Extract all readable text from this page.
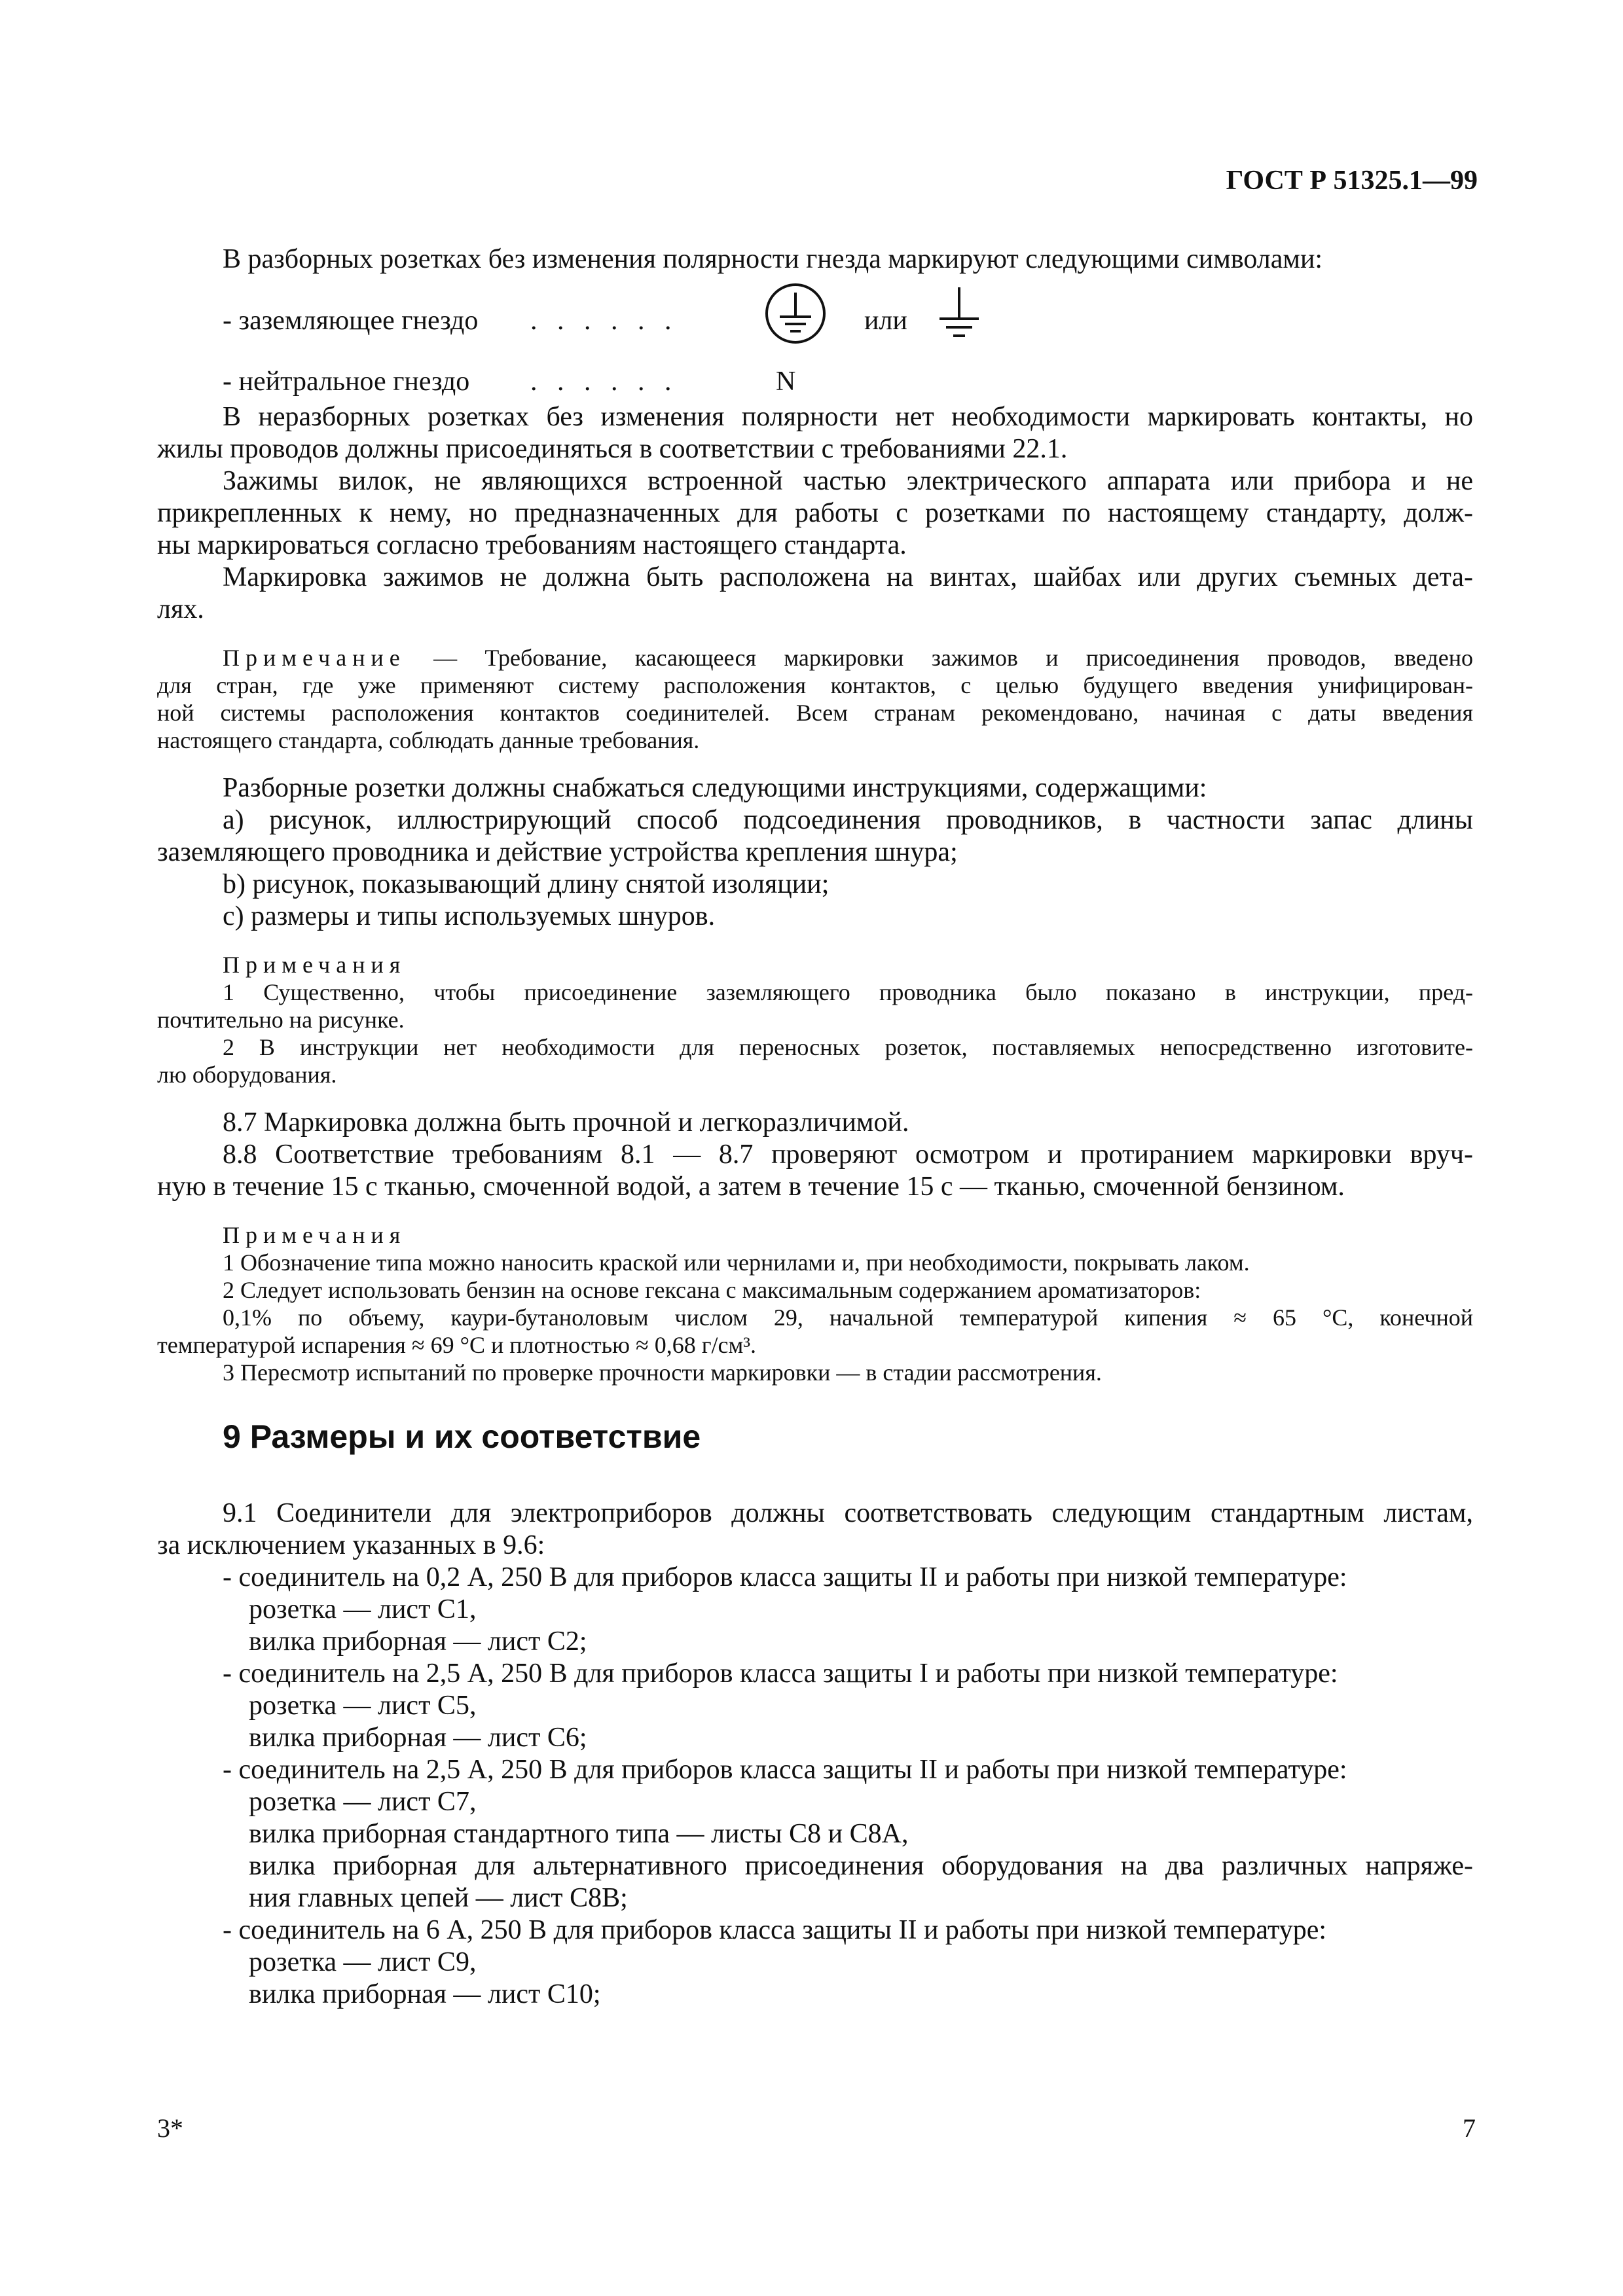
ГОСТ Р 51325.1—99

В разборных розетках без изменения полярности гнезда маркируют следующими символами:

- заземляющее гнездо . . . . . .	или
- нейтральное гнездо . . . . . .	N

В неразборных розетках без изменения полярности нет необходимости маркировать контакты, но

жилы проводов должны присоединяться в соответствии с требованиями 22.1.

Зажимы вилок, не являющихся встроенной частью электрического аппарата или прибора и не

прикрепленных к нему, но предназначенных для работы с розетками по настоящему стандарту, долж-

ны маркироваться согласно требованиям настоящего стандарта.

Маркировка зажимов не должна быть расположена на винтах, шайбах или других съемных дета-

лях.

Примечание — Требование, касающееся маркировки зажимов и присоединения проводов, введено

для стран, где уже применяют систему расположения контактов, с целью будущего введения унифицирован-

ной системы расположения контактов соединителей. Всем странам рекомендовано, начиная с даты введения

настоящего стандарта, соблюдать данные требования.

Разборные розетки должны снабжаться следующими инструкциями, содержащими:

а) рисунок, иллюстрирующий способ подсоединения проводников, в частности запас длины

заземляющего проводника и действие устройства крепления шнура;

b) рисунок, показывающий длину снятой изоляции;

с) размеры и типы используемых шнуров.

Примечания

1 Существенно, чтобы присоединение заземляющего проводника было показано в инструкции, пред-

почтительно на рисунке.

2 В инструкции нет необходимости для переносных розеток, поставляемых непосредственно изготовите-

лю оборудования.

8.7 Маркировка должна быть прочной и легкоразличимой.

8.8 Соответствие требованиям 8.1 — 8.7 проверяют осмотром и протиранием маркировки вруч-

ную в течение 15 с тканью, смоченной водой, а затем в течение 15 с — тканью, смоченной бензином.

Примечания

1 Обозначение типа можно наносить краской или чернилами и, при необходимости, покрывать лаком.

2 Следует использовать бензин на основе гексана с максимальным содержанием ароматизаторов:

0,1% по объему, каури-бутаноловым числом 29, начальной температурой кипения ≈ 65 °С, конечной

температурой испарения ≈ 69 °С и плотностью ≈ 0,68 г/см³.

3 Пересмотр испытаний по проверке прочности маркировки — в стадии рассмотрения.

9 Размеры и их соответствие

9.1 Соединители для электроприборов должны соответствовать следующим стандартным листам,

за исключением указанных в 9.6:

- соединитель на 0,2 А, 250 В для приборов класса защиты II и работы при низкой температуре:

розетка — лист С1,

вилка приборная — лист С2;

- соединитель на 2,5 А, 250 В для приборов класса защиты I и работы при низкой температуре:

розетка — лист С5,

вилка приборная — лист С6;

- соединитель на 2,5 А, 250 В для приборов класса защиты II и работы при низкой температуре:

розетка — лист С7,

вилка приборная стандартного типа — листы С8 и С8А,

вилка приборная для альтернативного присоединения оборудования на два различных напряже-

ния главных цепей — лист С8В;

- соединитель на 6 А, 250 В для приборов класса защиты II и работы при низкой температуре:

розетка — лист С9,

вилка приборная — лист С10;

3*	7
